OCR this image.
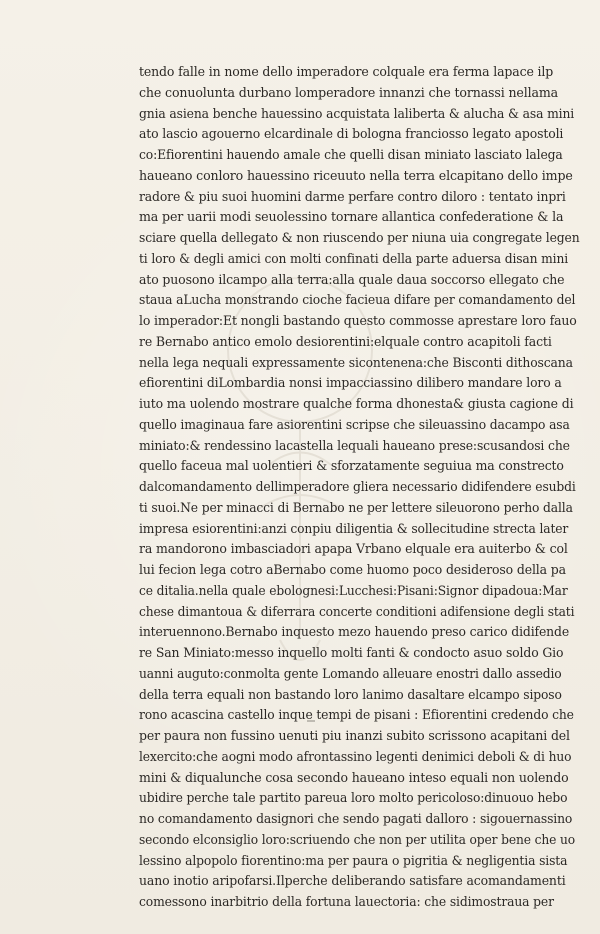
tendo falle in nome dello imperadore colquale era ferma lapace ilp
che conuolunta durbano lomperadore innanzi che tornassi nellama
gnia asiena benche hauessino acquistata laliberta & alucha & asa mini
ato lascio agouerno elcardinale di bologna franciosso legato apostoli
co:Efiorentini hauendo amale che quelli disan miniato lasciato lalega
haueano conloro hauessino riceuuto nella terra elcapitano dello impe
radore & piu suoi huomini darme perfare contro diloro : tentato inpri
ma per uarii modi seuolessino tornare allantica confederatione & la
sciare quella dellegato & non riuscendo per niuna uia congregate legen
ti loro & degli amici con molti confinati della parte aduersa disan mini
ato puosono ilcampo alla terra:alla quale daua soccorso ellegato che
staua aLucha monstrando cioche facieua difare per comandamento del
lo imperador:Et nongli bastando questo commosse aprestare loro fauo
re Bernabo antico emolo desiorentini:elquale contro acapitoli facti
nella lega nequali expressamente sicontenena:che Bisconti dithoscana
efiorentini diLombardia nonsi impacciassino dilibero mandare loro a
iuto ma uolendo mostrare qualche forma dhonesta& giusta cagione di
quello imaginaua fare asiorentini scripse che sileuassino dacampo asa
miniato:& rendessino lacastella lequali haueano prese:scusandosi che
quello faceua mal uolentieri & sforzatamente seguiua ma constrecto
dalcomandamento dellimperadore gliera necessario didifendere esubdi
ti suoi.Ne per minacci di Bernabo ne per lettere sileuorono perho dalla
impresa esiorentini:anzi conpiu diligentia & sollecitudine strecta later
ra mandorono imbasciadori apapa Vrbano elquale era auiterbo & col
lui fecion lega cotro aBernabo come huomo poco desideroso della pa
ce ditalia.nella quale ebolognesi:Lucchesi:Pisani:Signor dipadoua:Mar
chese dimantoua & diferrara concerte conditioni adifensione degli stati
interuennono.Bernabo inquesto mezo hauendo preso carico didifende
re San Miniato:messo inquello molti fanti & condocto asuo soldo Gio
uanni auguto:conmolta gente Lomando alleuare enostri dallo assedio
della terra equali non bastando loro lanimo dasaltare elcampo siposo
rono acascina castello inque tempi de pisani : Efiorentini credendo che
per paura non fussino uenuti piu inanzi subito scrissono acapitani del
lexercito:che aogni modo afrontassino legenti denimici deboli & di huo
mini & diqualunche cosa secondo haueano inteso equali non uolendo
ubidire perche tale partito pareua loro molto pericoloso:dinuouo hebo
no comandamento dasignori che sendo pagati dalloro : sigouernassino
secondo elconsiglio loro:scriuendo che non per utilita oper bene che uo
lessino alpopolo fiorentino:ma per paura o pigritia & negligentia sista
uano inotio aripofarsi.Ilperche deliberando satisfare acomandamenti
comessono inarbitrio della fortuna lauectoria: che sidimostraua per
